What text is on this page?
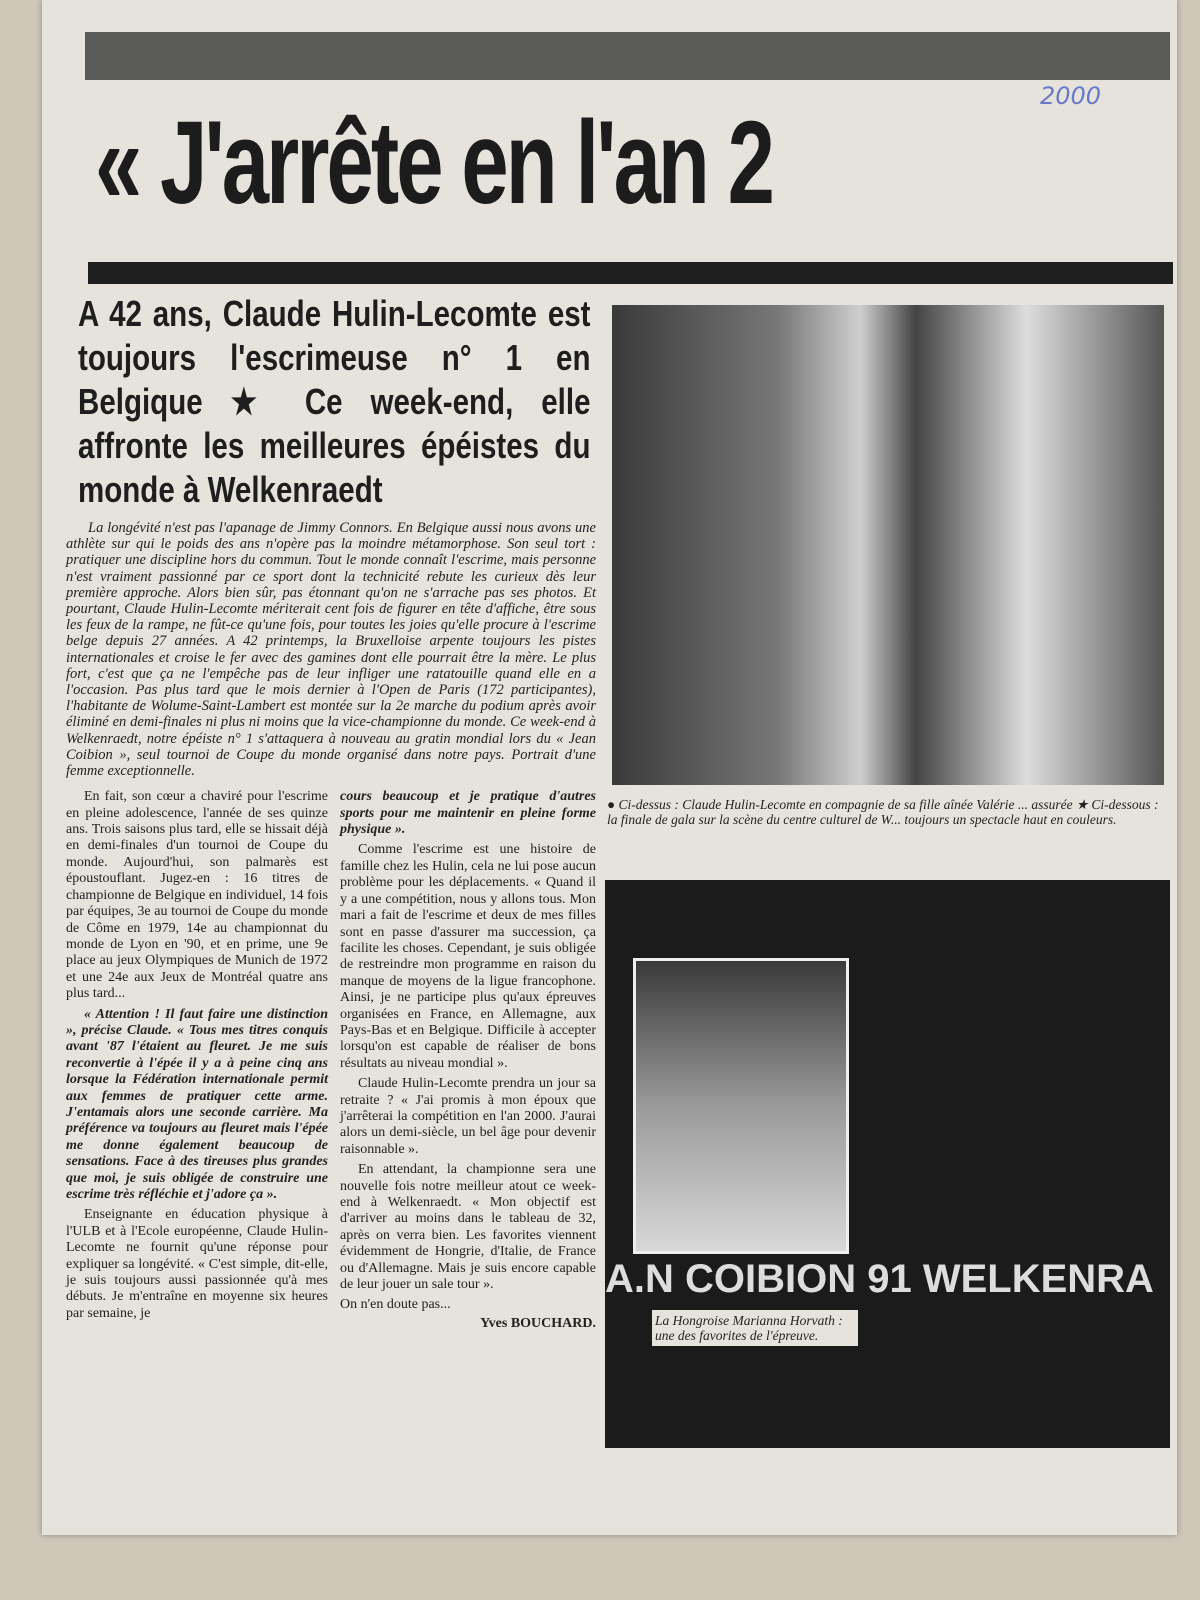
2000
« J'arrête en l'an 2
A 42 ans, Claude Hulin-Lecomte est toujours l'escrimeuse n° 1 en Belgique ★ Ce week-end, elle affronte les meilleures épéistes du monde à Welkenraedt
La longévité n'est pas l'apanage de Jimmy Connors. En Belgique aussi nous avons une athlète sur qui le poids des ans n'opère pas la moindre métamorphose. Son seul tort : pratiquer une discipline hors du commun. Tout le monde connaît l'escrime, mais personne n'est vraiment passionné par ce sport dont la technicité rebute les curieux dès leur première approche. Alors bien sûr, pas étonnant qu'on ne s'arrache pas ses photos. Et pourtant, Claude Hulin-Lecomte mériterait cent fois de figurer en tête d'affiche, être sous les feux de la rampe, ne fût-ce qu'une fois, pour toutes les joies qu'elle procure à l'escrime belge depuis 27 années. A 42 printemps, la Bruxelloise arpente toujours les pistes internationales et croise le fer avec des gamines dont elle pourrait être la mère. Le plus fort, c'est que ça ne l'empêche pas de leur infliger une ratatouille quand elle en a l'occasion. Pas plus tard que le mois dernier à l'Open de Paris (172 participantes), l'habitante de Wolume-Saint-Lambert est montée sur la 2e marche du podium après avoir éliminé en demi-finales ni plus ni moins que la vice-championne du monde. Ce week-end à Welkenraedt, notre épéiste n° 1 s'attaquera à nouveau au gratin mondial lors du « Jean Coibion », seul tournoi de Coupe du monde organisé dans notre pays. Portrait d'une femme exceptionnelle.

En fait, son cœur a chaviré pour l'escrime en pleine adolescence, l'année de ses quinze ans. Trois saisons plus tard, elle se hissait déjà en demi-finales d'un tournoi de Coupe du monde. Aujourd'hui, son palmarès est époustouflant. Jugez-en : 16 titres de championne de Belgique en individuel, 14 fois par équipes, 3e au tournoi de Coupe du monde de Côme en 1979, 14e au championnat du monde de Lyon en '90, et en prime, une 9e place au jeux Olympiques de Munich de 1972 et une 24e aux Jeux de Montréal quatre ans plus tard...

« Attention ! Il faut faire une distinction », précise Claude. « Tous mes titres conquis avant '87 l'étaient au fleuret. Je me suis reconvertie à l'épée il y a à peine cinq ans lorsque la Fédération internationale permit aux femmes de pratiquer cette arme. J'entamais alors une seconde carrière. Ma préférence va toujours au fleuret mais l'épée me donne également beaucoup de sensations. Face à des tireuses plus grandes que moi, je suis obligée de construire une escrime très réfléchie et j'adore ça ».

Enseignante en éducation physique à l'ULB et à l'Ecole européenne, Claude Hulin-Lecomte ne fournit qu'une réponse pour expliquer sa longévité. « C'est simple, dit-elle, je suis toujours aussi passionnée qu'à mes débuts. Je m'entraîne en moyenne six heures par semaine, je

cours beaucoup et je pratique d'autres sports pour me maintenir en pleine forme physique ».

Comme l'escrime est une histoire de famille chez les Hulin, cela ne lui pose aucun problème pour les déplacements. « Quand il y a une compétition, nous y allons tous. Mon mari a fait de l'escrime et deux de mes filles sont en passe d'assurer ma succession, ça facilite les choses. Cependant, je suis obligée de restreindre mon programme en raison du manque de moyens de la ligue francophone. Ainsi, je ne participe plus qu'aux épreuves organisées en France, en Allemagne, aux Pays-Bas et en Belgique. Difficile à accepter lorsqu'on est capable de réaliser de bons résultats au niveau mondial ».

Claude Hulin-Lecomte prendra un jour sa retraite ? « J'ai promis à mon époux que j'arrêterai la compétition en l'an 2000. J'aurai alors un demi-siècle, un bel âge pour devenir raisonnable ».

En attendant, la championne sera une nouvelle fois notre meilleur atout ce week-end à Welkenraedt. « Mon objectif est d'arriver au moins dans le tableau de 32, après on verra bien. Les favorites viennent évidemment de Hongrie, d'Italie, de France ou d'Allemagne. Mais je suis encore capable de leur jouer un sale tour ».

On n'en doute pas...
Yves BOUCHARD.
● Ci-dessus : Claude Hulin-Lecomte en compagnie de sa fille aînée Valérie ... assurée ★ Ci-dessous : la finale de gala sur la scène du centre culturel de W... toujours un spectacle haut en couleurs.
A.N COIBION 91 WELKENRA
La Hongroise Marianna Horvath : une des favorites de l'épreuve.
